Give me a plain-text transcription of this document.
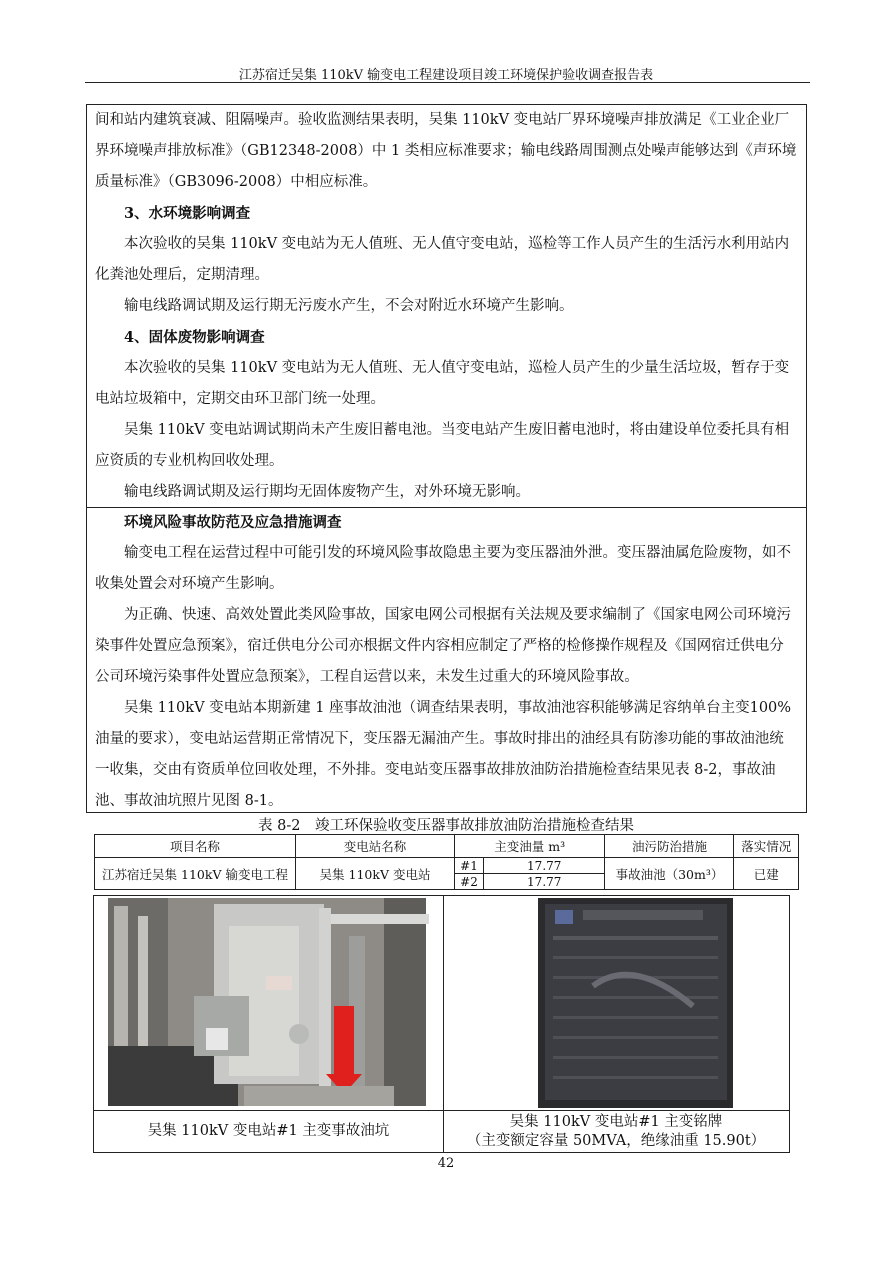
江苏宿迁吴集 110kV 输变电工程建设项目竣工环境保护验收调查报告表

间和站内建筑衰减、阻隔噪声。验收监测结果表明，吴集 110kV 变电站厂界环境噪声排放满足《工业企业厂界环境噪声排放标准》（GB12348-2008）中 1 类相应标准要求；输电线路周围测点处噪声能够达到《声环境质量标准》（GB3096-2008）中相应标准。

3、水环境影响调查

本次验收的吴集 110kV 变电站为无人值班、无人值守变电站，巡检等工作人员产生的生活污水利用站内化粪池处理后，定期清理。

输电线路调试期及运行期无污废水产生，不会对附近水环境产生影响。

4、固体废物影响调查

本次验收的吴集 110kV 变电站为无人值班、无人值守变电站，巡检人员产生的少量生活垃圾，暂存于变电站垃圾箱中，定期交由环卫部门统一处理。

吴集 110kV 变电站调试期尚未产生废旧蓄电池。当变电站产生废旧蓄电池时，将由建设单位委托具有相应资质的专业机构回收处理。

输电线路调试期及运行期均无固体废物产生，对外环境无影响。

环境风险事故防范及应急措施调查

输变电工程在运营过程中可能引发的环境风险事故隐患主要为变压器油外泄。变压器油属危险废物，如不收集处置会对环境产生影响。

为正确、快速、高效处置此类风险事故，国家电网公司根据有关法规及要求编制了《国家电网公司环境污染事件处置应急预案》，宿迁供电分公司亦根据文件内容相应制定了严格的检修操作规程及《国网宿迁供电分公司环境污染事件处置应急预案》，工程自运营以来，未发生过重大的环境风险事故。

吴集 110kV 变电站本期新建 1 座事故油池（调查结果表明，事故油池容积能够满足容纳单台主变100%油量的要求），变电站运营期正常情况下，变压器无漏油产生。事故时排出的油经具有防渗功能的事故油池统一收集，交由有资质单位回收处理，不外排。变电站变压器事故排放油防治措施检查结果见表 8-2，事故油池、事故油坑照片见图 8-1。

表 8-2　竣工环保验收变压器事故排放油防治措施检查结果
项目名称	变电站名称	主变油量 m³		油污防治措施	落实情况
江苏宿迁吴集 110kV 输变电工程	吴集 110kV 变电站	#1	17.77	事故油池（30m³）	已建
		#2	17.77		
吴集 110kV 变电站#1 主变事故油坑
吴集 110kV 变电站#1 主变铭牌
（主变额定容量 50MVA，绝缘油重 15.90t）
42
